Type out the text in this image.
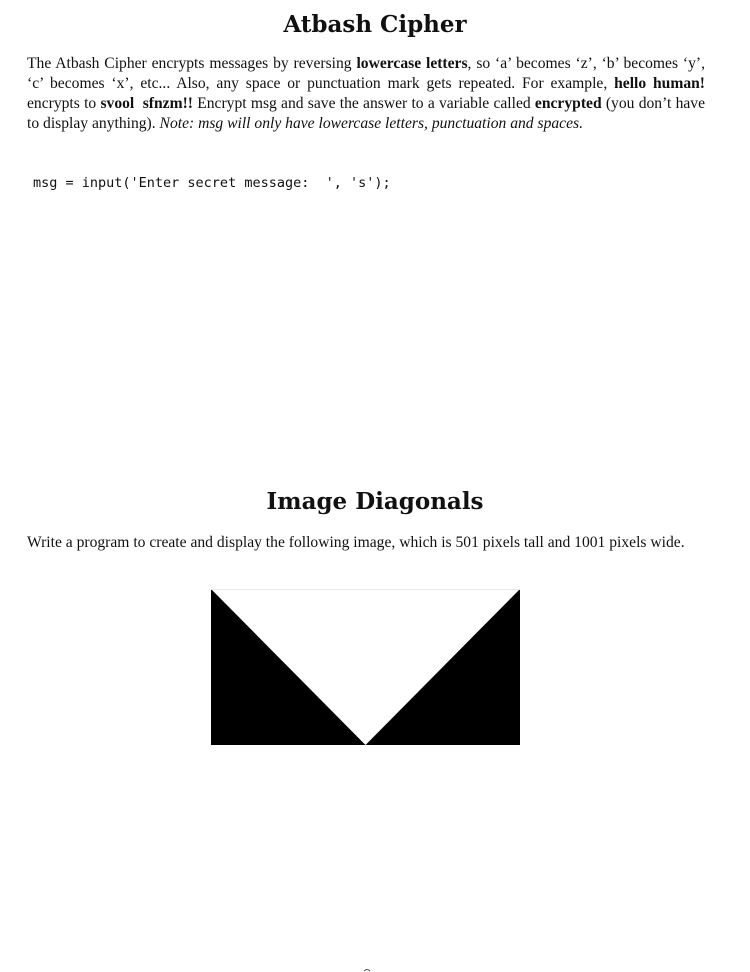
Atbash Cipher

The Atbash Cipher encrypts messages by reversing lowercase letters, so ‘a’ becomes ‘z’, ‘b’ becomes ‘y’, ‘c’ becomes ‘x’, etc... Also, any space or punctuation mark gets repeated. For example, hello human! encrypts to svool  sfnzm!! Encrypt msg and save the answer to a variable called encrypted (you don’t have to display anything). Note: msg will only have lowercase letters, punctuation and spaces.

msg = input('Enter secret message:  ', 's');
Image Diagonals

Write a program to create and display the following image, which is 501 pixels tall and 1001 pixels wide.
